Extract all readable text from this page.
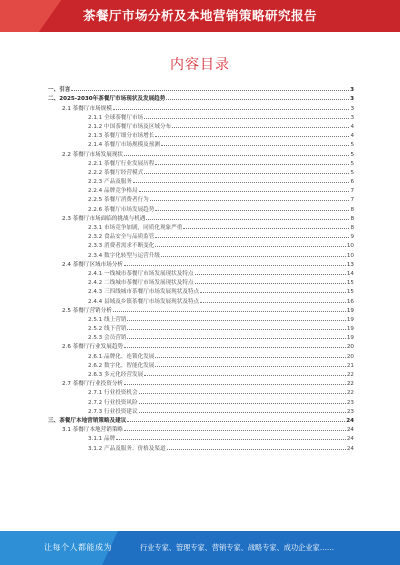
茶餐厅市场分析及本地营销策略研究报告
内容目录
一、引言	3
二、2025-2030年茶餐厅市场现状及发展趋势	3
2.1 茶餐厅市场规模	3
2.1.1 全球茶餐厅市场	3
2.1.2 中国茶餐厅市场及区域分布	4
2.1.3 茶餐厅细分市场增长	4
2.1.4 茶餐厅市场规模及预测	5
2.2 茶餐厅市场发展现状	5
2.2.1 茶餐厅行业发展历程	5
2.2.2 茶餐厅经营模式	5
2.2.3 产品及服务	6
2.2.4 品牌竞争格局	7
2.2.5 茶餐厅消费者行为	7
2.2.6 茶餐厅市场发展趋势	8
2.3 茶餐厅市场面临的挑战与机遇	8
2.3.1 市场竞争加剧，同质化现象严重	8
2.3.2 食品安全与品质监管	9
2.3.3 消费者需求不断变化	10
2.3.4 数字化转型与运营升级	10
2.4 茶餐厅区域市场分析	13
2.4.1 一线城市茶餐厅市场发展现状及特点	14
2.4.2 二线城市茶餐厅市场发展现状及特点	15
2.4.3 三四线城市茶餐厅市场发展现状及特点	15
2.4.4 县域及乡镇茶餐厅市场发展现状及特点	16
2.5 茶餐厅营销分析	19
2.5.1 线上营销	19
2.5.2 线下营销	19
2.5.3 会员营销	19
2.6 茶餐厅行业发展趋势	20
2.6.1 品牌化、连锁化发展	20
2.6.2 数字化、智能化发展	21
2.6.3 多元化经营发展	22
2.7 茶餐厅行业投资分析	22
2.7.1 行业投资机会	22
2.7.2 行业投资风险	23
2.7.3 行业投资建议	23
三、茶餐厅本地营销策略及建议	24
3.1 茶餐厅本地营销策略	24
3.1.1 品牌	24
3.1.2 产品及服务、价格及渠道	24
让每个人都能成为	行业专家、管理专家、营销专家、战略专家、成功企业家……
